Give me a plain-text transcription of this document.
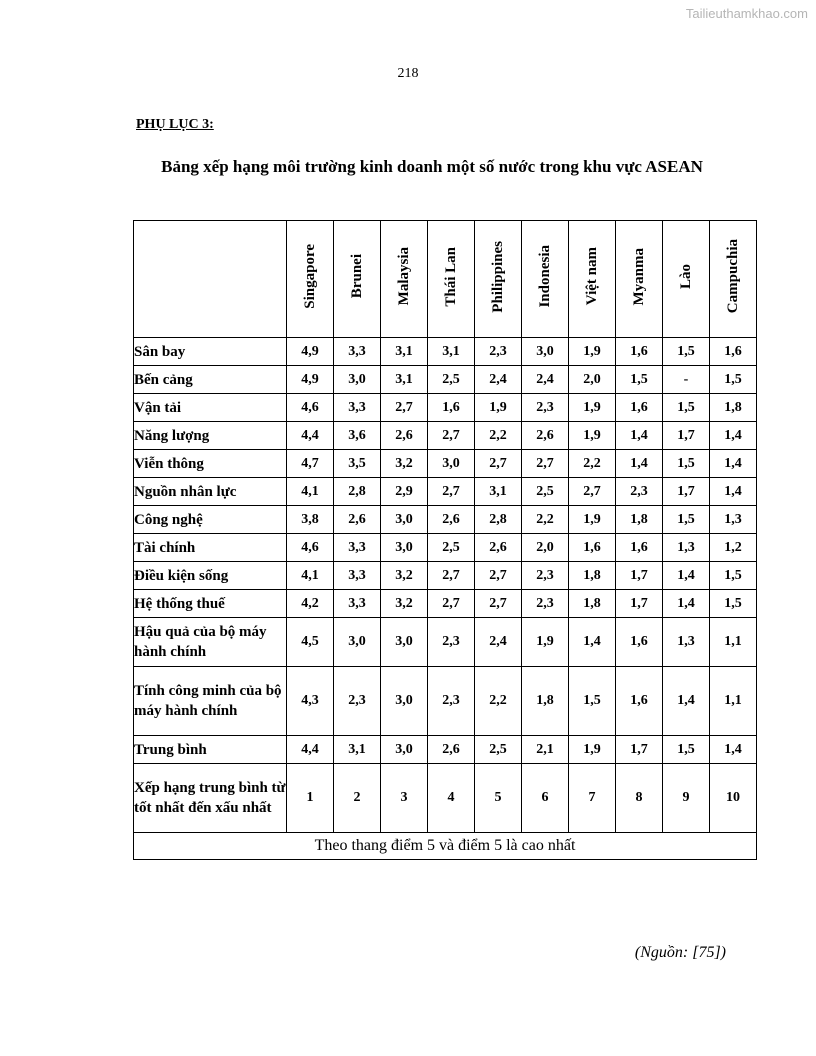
Tailieuthamkhao.com
218
PHỤ LỤC 3:
Bảng xếp hạng môi trường kinh doanh một số nước trong khu vực ASEAN
	Singapore	Brunei	Malaysia	Thái Lan	Philippines	Indonesia	Việt nam	Myanma	Lào	Campuchia
Sân bay	4,9	3,3	3,1	3,1	2,3	3,0	1,9	1,6	1,5	1,6
Bến cảng	4,9	3,0	3,1	2,5	2,4	2,4	2,0	1,5	-	1,5
Vận tải	4,6	3,3	2,7	1,6	1,9	2,3	1,9	1,6	1,5	1,8
Năng lượng	4,4	3,6	2,6	2,7	2,2	2,6	1,9	1,4	1,7	1,4
Viễn thông	4,7	3,5	3,2	3,0	2,7	2,7	2,2	1,4	1,5	1,4
Nguồn nhân lực	4,1	2,8	2,9	2,7	3,1	2,5	2,7	2,3	1,7	1,4
Công nghệ	3,8	2,6	3,0	2,6	2,8	2,2	1,9	1,8	1,5	1,3
Tài chính	4,6	3,3	3,0	2,5	2,6	2,0	1,6	1,6	1,3	1,2
Điều kiện sống	4,1	3,3	3,2	2,7	2,7	2,3	1,8	1,7	1,4	1,5
Hệ thống thuế	4,2	3,3	3,2	2,7	2,7	2,3	1,8	1,7	1,4	1,5
Hậu quả của bộ máy hành chính	4,5	3,0	3,0	2,3	2,4	1,9	1,4	1,6	1,3	1,1
Tính công minh của bộ máy hành chính	4,3	2,3	3,0	2,3	2,2	1,8	1,5	1,6	1,4	1,1
Trung bình	4,4	3,1	3,0	2,6	2,5	2,1	1,9	1,7	1,5	1,4
Xếp hạng trung bình từ tốt nhất đến xấu nhất	1	2	3	4	5	6	7	8	9	10
Theo thang điểm 5 và điểm 5 là cao nhất										
(Nguồn: [75])
